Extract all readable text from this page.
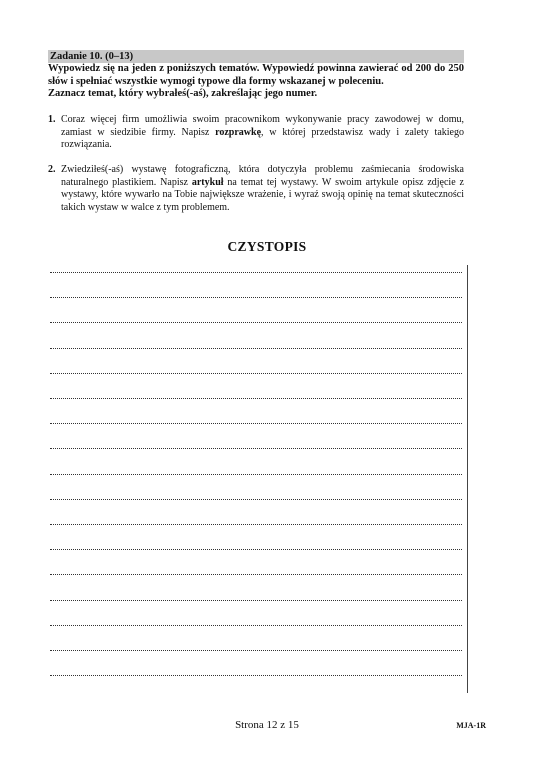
Zadanie 10. (0–13)

Wypowiedz się na jeden z poniższych tematów. Wypowiedź powinna zawierać od 200 do 250 słów i spełniać wszystkie wymogi typowe dla formy wskazanej w poleceniu.

Zaznacz temat, który wybrałeś(-aś), zakreślając jego numer.

1. Coraz więcej firm umożliwia swoim pracownikom wykonywanie pracy zawodowej w domu, zamiast w siedzibie firmy. Napisz rozprawkę, w której przedstawisz wady i zalety takiego rozwiązania.
2. Zwiedziłeś(-aś) wystawę fotograficzną, która dotyczyła problemu zaśmiecania środowiska naturalnego plastikiem. Napisz artykuł na temat tej wystawy. W swoim artykule opisz zdjęcie z wystawy, które wywarło na Tobie największe wrażenie, i wyraź swoją opinię na temat skuteczności takich wystaw w walce z tym problemem.
CZYSTOPIS
Strona 12 z 15	MJA-1R
